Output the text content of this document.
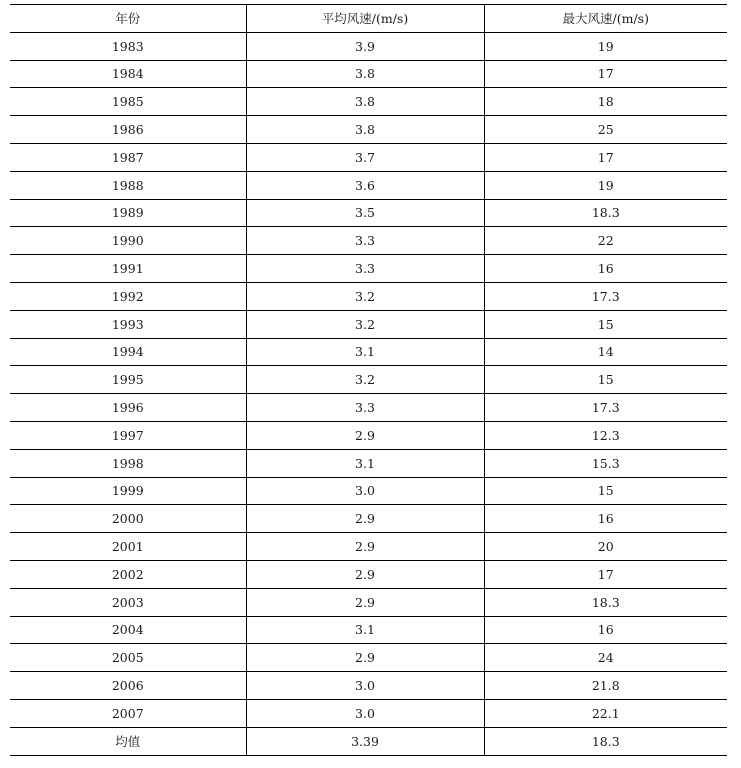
年份	平均风速/(m/s)	最大风速/(m/s)
1983	3.9	19
1984	3.8	17
1985	3.8	18
1986	3.8	25
1987	3.7	17
1988	3.6	19
1989	3.5	18.3
1990	3.3	22
1991	3.3	16
1992	3.2	17.3
1993	3.2	15
1994	3.1	14
1995	3.2	15
1996	3.3	17.3
1997	2.9	12.3
1998	3.1	15.3
1999	3.0	15
2000	2.9	16
2001	2.9	20
2002	2.9	17
2003	2.9	18.3
2004	3.1	16
2005	2.9	24
2006	3.0	21.8
2007	3.0	22.1
均值	3.39	18.3
